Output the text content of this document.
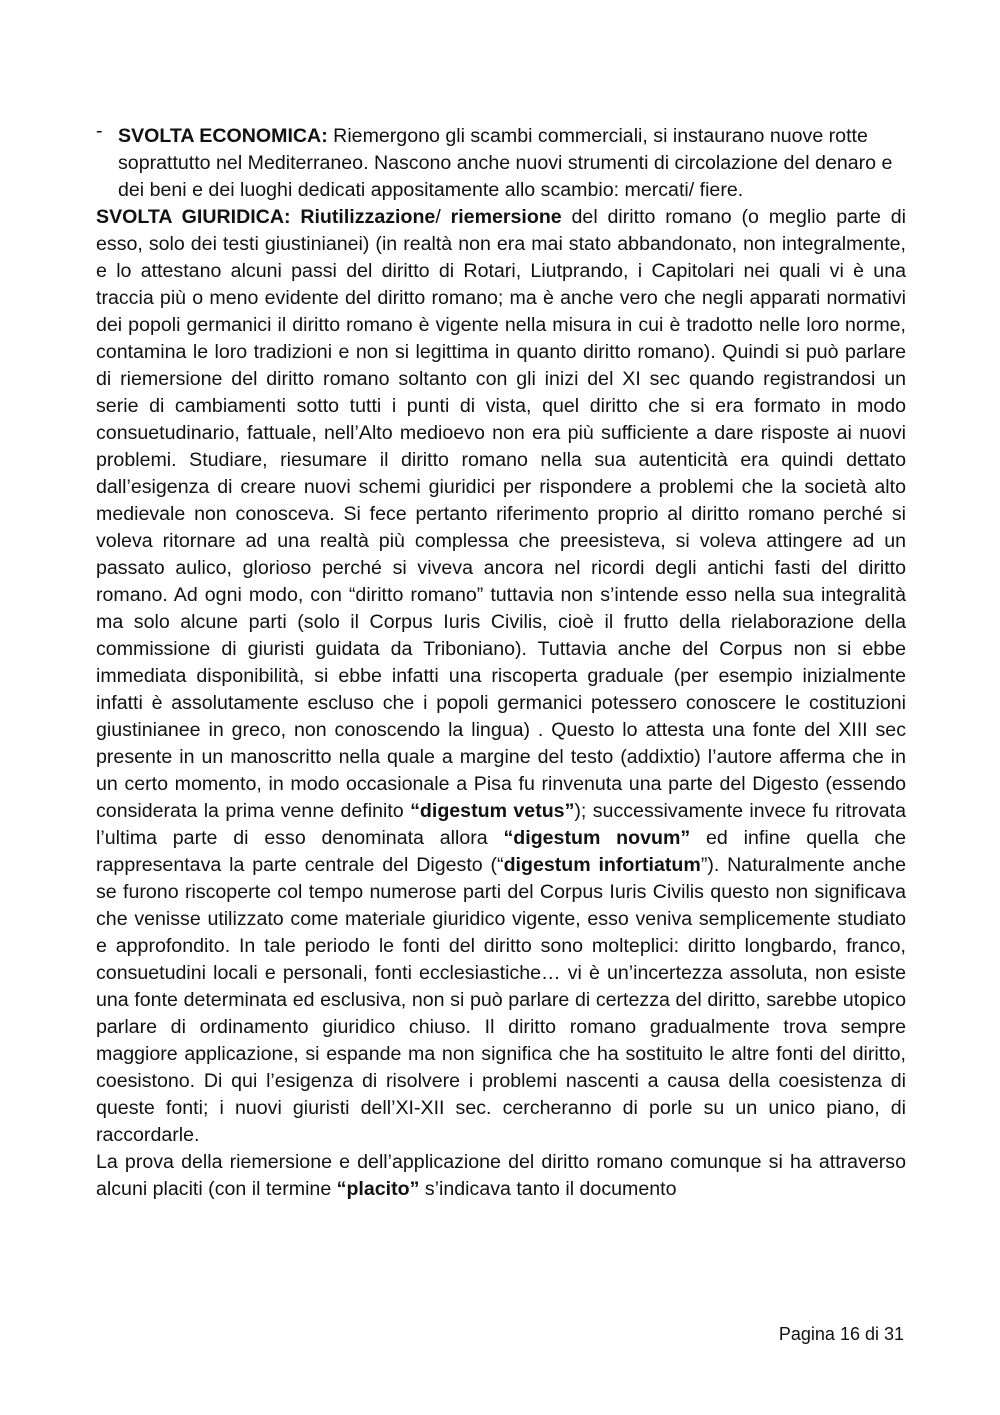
- SVOLTA ECONOMICA: Riemergono gli scambi commerciali, si instaurano nuove rotte soprattutto nel Mediterraneo. Nascono anche nuovi strumenti di circolazione del denaro e dei beni e dei luoghi dedicati appositamente allo scambio: mercati/ fiere.

SVOLTA GIURIDICA: Riutilizzazione/ riemersione del diritto romano (o meglio parte di esso, solo dei testi giustinianei) (in realtà non era mai stato abbandonato, non integralmente, e lo attestano alcuni passi del diritto di Rotari, Liutprando, i Capitolari nei quali vi è una traccia più o meno evidente del diritto romano; ma è anche vero che negli apparati normativi dei popoli germanici il diritto romano è vigente nella misura in cui è tradotto nelle loro norme, contamina le loro tradizioni e non si legittima in quanto diritto romano). Quindi si può parlare di riemersione del diritto romano soltanto con gli inizi del XI sec quando registrandosi un serie di cambiamenti sotto tutti i punti di vista, quel diritto che si era formato in modo consuetudinario, fattuale, nell’Alto medioevo non era più sufficiente a dare risposte ai nuovi problemi. Studiare, riesumare il diritto romano nella sua autenticità era quindi dettato dall’esigenza di creare nuovi schemi giuridici per rispondere a problemi che la società alto medievale non conosceva. Si fece pertanto riferimento proprio al diritto romano perché si voleva ritornare ad una realtà più complessa che preesisteva, si voleva attingere ad un passato aulico, glorioso perché si viveva ancora nel ricordi degli antichi fasti del diritto romano. Ad ogni modo, con “diritto romano” tuttavia non s’intende esso nella sua integralità ma solo alcune parti (solo il Corpus Iuris Civilis, cioè il frutto della rielaborazione della commissione di giuristi guidata da Triboniano). Tuttavia anche del Corpus non si ebbe immediata disponibilità, si ebbe infatti una riscoperta graduale (per esempio inizialmente infatti è assolutamente escluso che i popoli germanici potessero conoscere le costituzioni giustinianee in greco, non conoscendo la lingua) . Questo lo attesta una fonte del XIII sec presente in un manoscritto nella quale a margine del testo (addixtio) l’autore afferma che in un certo momento, in modo occasionale a Pisa fu rinvenuta una parte del Digesto (essendo considerata la prima venne definito “digestum vetus”); successivamente invece fu ritrovata l’ultima parte di esso denominata allora “digestum novum” ed infine quella che rappresentava la parte centrale del Digesto (“digestum infortiatum”). Naturalmente anche se furono riscoperte col tempo numerose parti del Corpus Iuris Civilis questo non significava che venisse utilizzato come materiale giuridico vigente, esso veniva semplicemente studiato e approfondito. In tale periodo le fonti del diritto sono molteplici: diritto longbardo, franco, consuetudini locali e personali, fonti ecclesiastiche… vi è un’incertezza assoluta, non esiste una fonte determinata ed esclusiva, non si può parlare di certezza del diritto, sarebbe utopico parlare di ordinamento giuridico chiuso. Il diritto romano gradualmente trova sempre maggiore applicazione, si espande ma non significa che ha sostituito le altre fonti del diritto, coesistono. Di qui l’esigenza di risolvere i problemi nascenti a causa della coesistenza di queste fonti; i nuovi giuristi dell’XI-XII sec. cercheranno di porle su un unico piano, di raccordarle.

La prova della riemersione e dell’applicazione del diritto romano comunque si ha attraverso alcuni placiti (con il termine “placito” s’indicava tanto il documento

Pagina 16 di 31
